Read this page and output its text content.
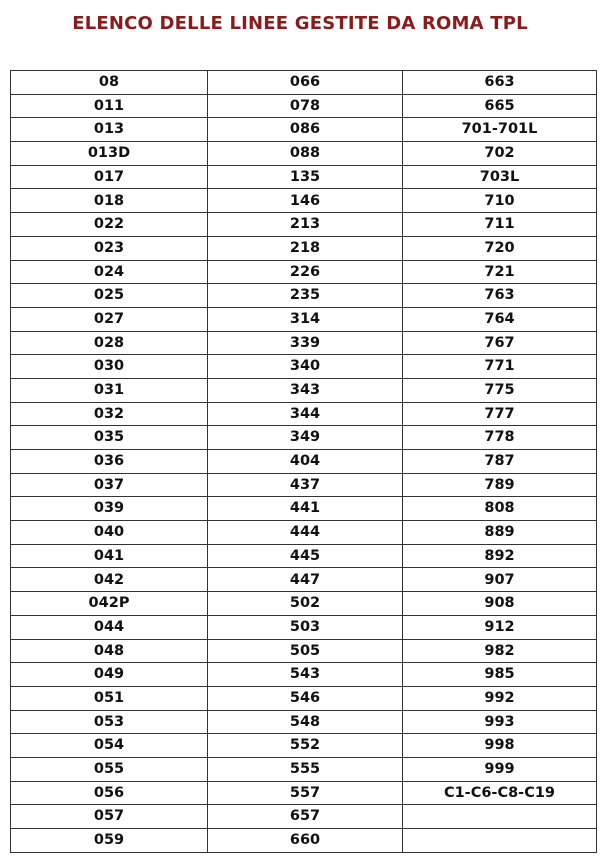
ELENCO DELLE LINEE GESTITE DA ROMA TPL
08	066	663
011	078	665
013	086	701-701L
013D	088	702
017	135	703L
018	146	710
022	213	711
023	218	720
024	226	721
025	235	763
027	314	764
028	339	767
030	340	771
031	343	775
032	344	777
035	349	778
036	404	787
037	437	789
039	441	808
040	444	889
041	445	892
042	447	907
042P	502	908
044	503	912
048	505	982
049	543	985
051	546	992
053	548	993
054	552	998
055	555	999
056	557	C1-C6-C8-C19
057	657	
059	660	
